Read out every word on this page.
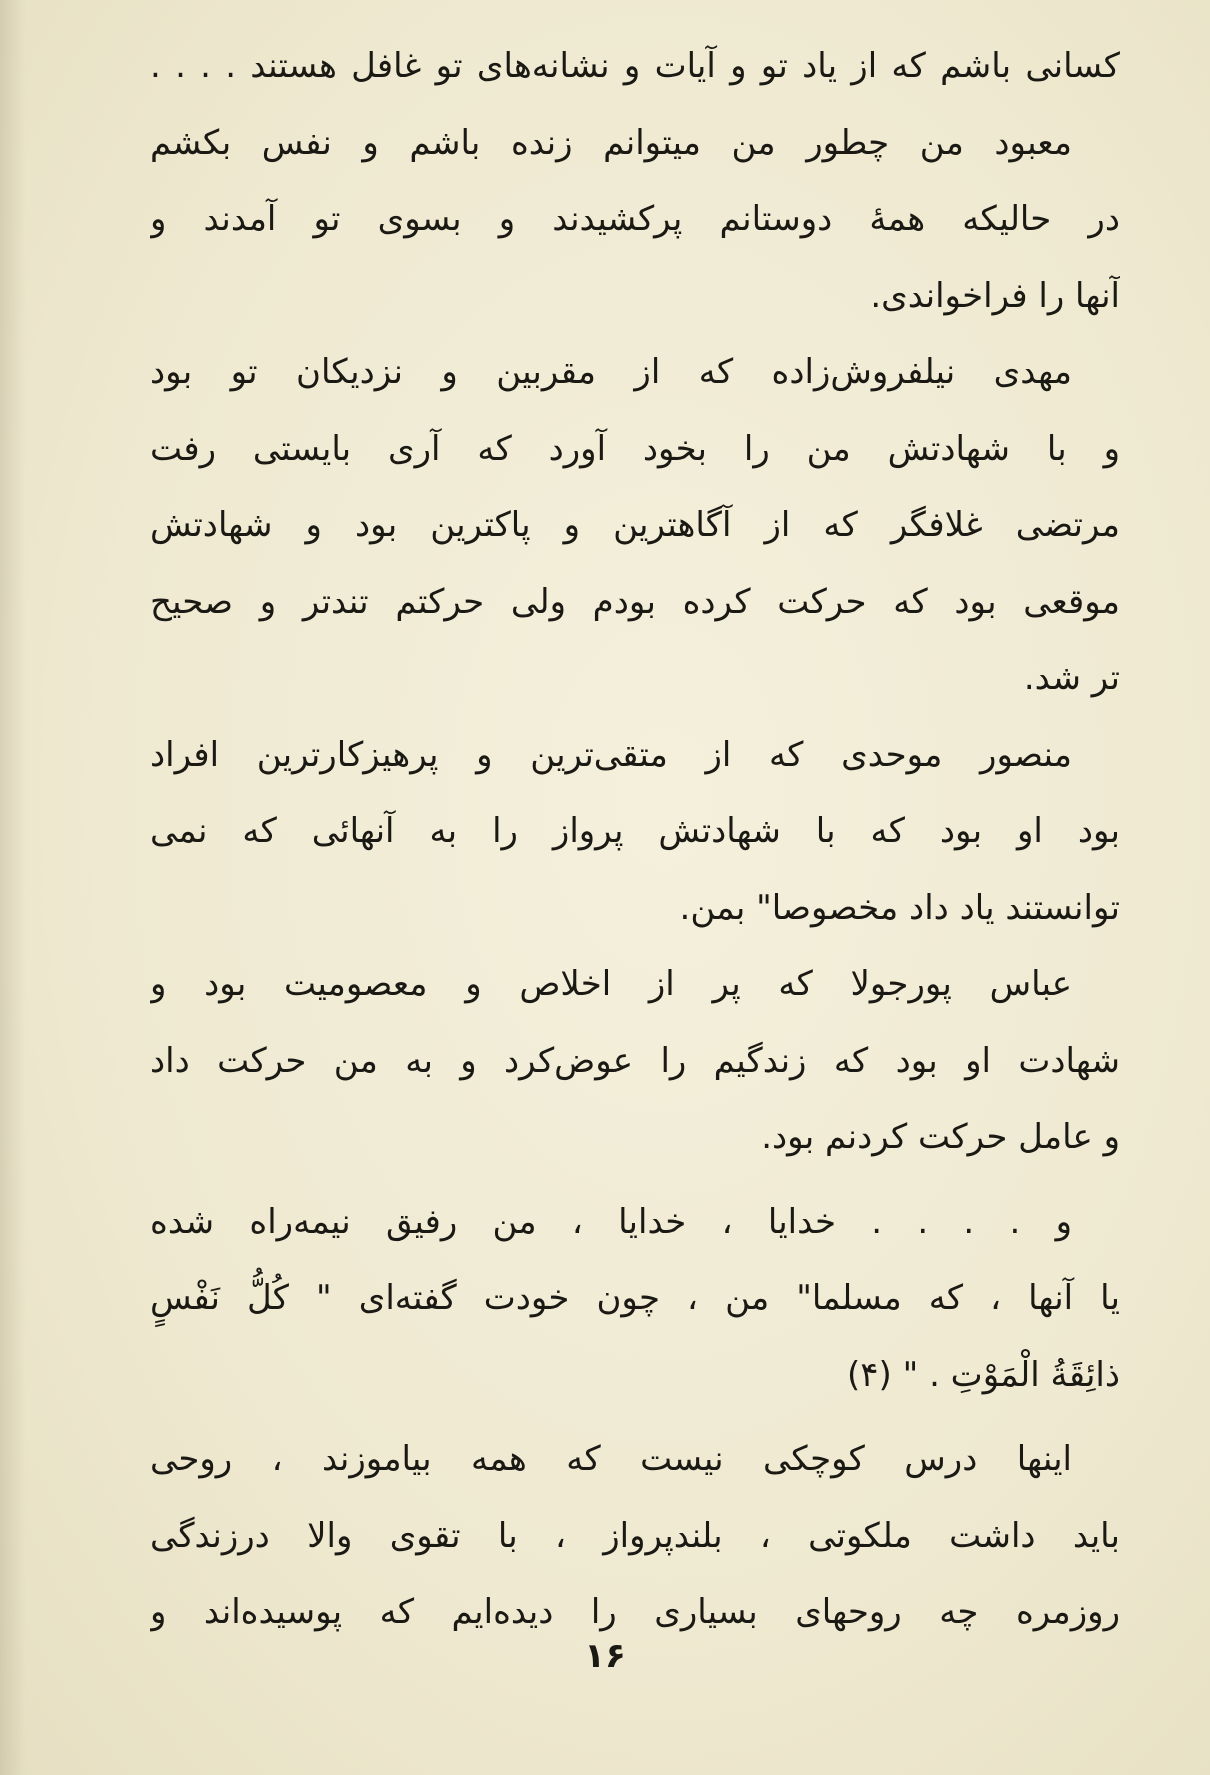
کسانی باشم که از یاد تو و آیات و نشانه‌های تو غافل هستند . . . .
معبود من چطور من میتوانم زنده باشم و نفس بکشم
در حالیکه همهٔ دوستانم پرکشیدند و بسوی تو آمدند و
آنها را فراخواندی.
مهدی نیلفروش‌زاده که از مقربین و نزدیکان تو بود
و با شهادتش من را بخود آورد که آری بایستی رفت
مرتضی غلافگر که از آگاهترین و پاکترین بود و شهادتش
موقعی بود که حرکت کرده بودم ولی حرکتم تندتر و صحیح
تر شد.
منصور موحدی که از متقی‌ترین و پرهیزکارترین افراد
بود او بود که با شهادتش پرواز را به آنهائی که نمی
توانستند یاد داد مخصوصا" بمن.
عباس پورجولا که پر از اخلاص و معصومیت بود و
شهادت او بود که زندگیم را عوض‌کرد و به من حرکت داد
و عامل حرکت کردنم بود.
و . . . . خدایا ، خدایا ، من رفیق نیمه‌راه شده
یا آنها ، که مسلما" من ، چون خودت گفته‌ای " كُلُّ نَفْسٍ
ذائِقَةُ الْمَوْتِ . " (۴)
اینها درس کوچکی نیست که همه بیاموزند ، روحی
باید داشت ملکوتی ، بلندپرواز ، با تقوی والا درزندگی
روزمره چه روحهای بسیاری را دیده‌ایم که پوسیده‌اند و
۱۶
